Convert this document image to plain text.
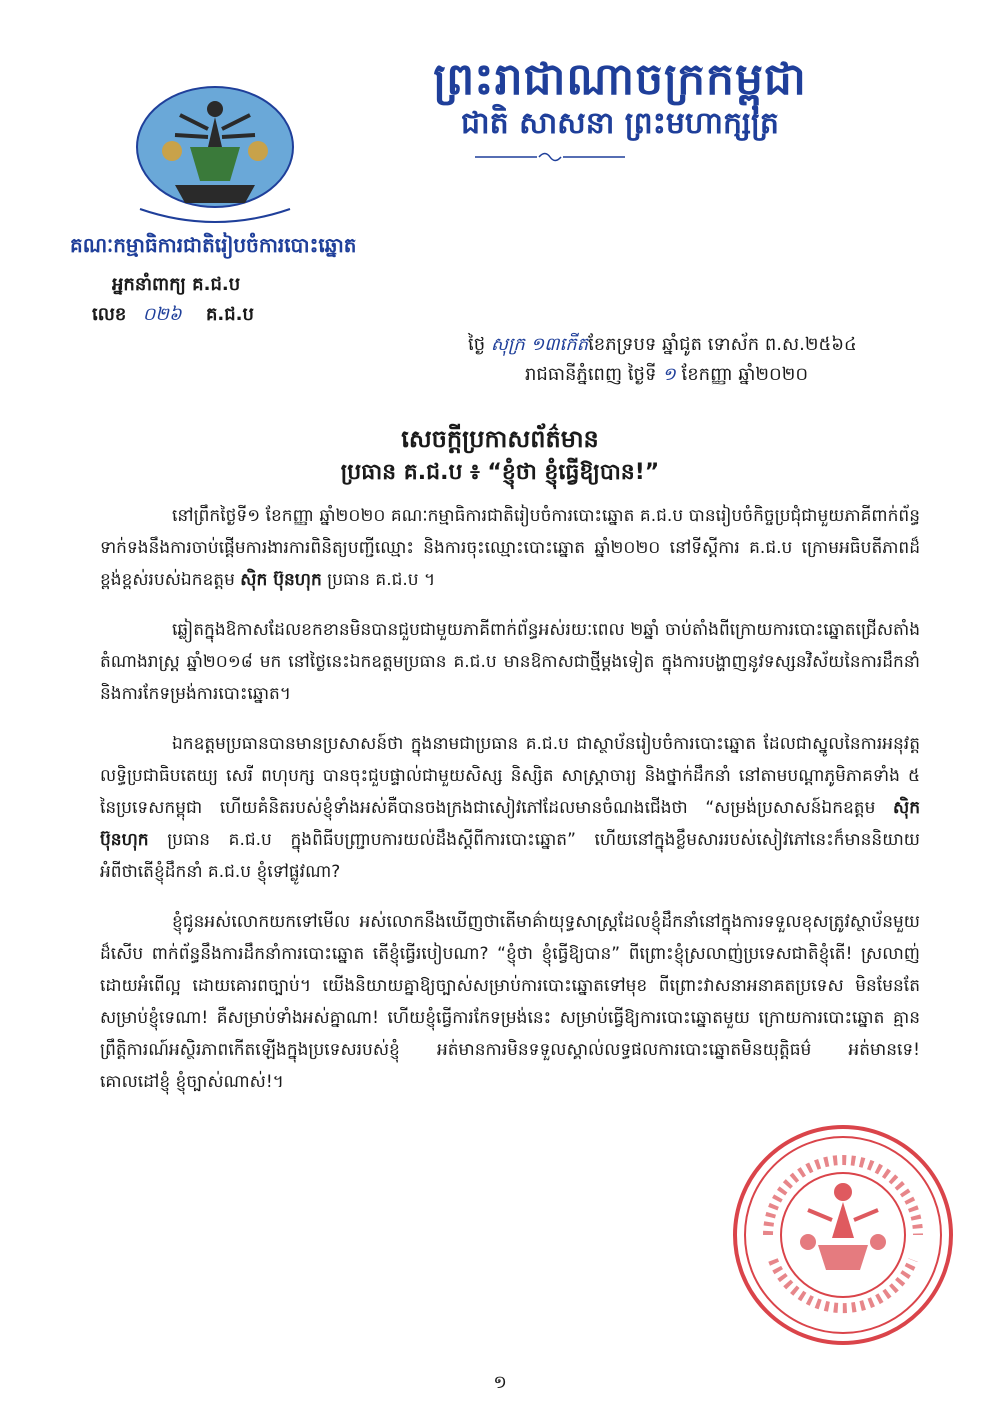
ព្រះរាជាណាចក្រកម្ពុជា
ជាតិ សាសនា ព្រះមហាក្សត្រ
គណៈកម្មាធិការជាតិរៀបចំការបោះឆ្នោត
អ្នកនាំពាក្យ គ.ជ.ប
លេខ ០២៦ គ.ជ.ប
ថ្ងៃ សុក្រ ១៣កើតខែភទ្របទ ឆ្នាំជូត ទោស័ក ព.ស.២៥៦៤
រាជធានីភ្នំពេញ ថ្ងៃទី ១ ខែកញ្ញា ឆ្នាំ២០២០
សេចក្តីប្រកាសព័ត៌មាន
ប្រធាន គ.ជ.ប ៖ “ខ្ញុំថា ខ្ញុំធ្វើឱ្យបាន!”

នៅព្រឹកថ្ងៃទី១ ខែកញ្ញា ឆ្នាំ២០២០ គណៈកម្មាធិការជាតិរៀបចំការបោះឆ្នោត គ.ជ.ប បានរៀបចំកិច្ចប្រជុំជាមួយភាគីពាក់ព័ន្ធ ទាក់ទងនឹងការចាប់ផ្តើមការងារការពិនិត្យបញ្ជីឈ្មោះ និងការចុះឈ្មោះបោះឆ្នោត ឆ្នាំ២០២០ នៅទីស្តីការ គ.ជ.ប ក្រោមអធិបតីភាពដ៏ខ្ពង់ខ្ពស់របស់ឯកឧត្តម ស៊ិក ប៊ុនហុក ប្រធាន គ.ជ.ប ។

ឆ្លៀតក្នុងឱកាសដែលខកខានមិនបានជួបជាមួយភាគីពាក់ព័ន្ធអស់រយៈពេល ២ឆ្នាំ ចាប់តាំងពីក្រោយការបោះឆ្នោតជ្រើសតាំងតំណាងរាស្ត្រ ឆ្នាំ២០១៨ មក នៅថ្ងៃនេះឯកឧត្តមប្រធាន គ.ជ.ប មានឱកាសជាថ្មីម្តងទៀត ក្នុងការបង្ហាញនូវទស្សនវិស័យនៃការដឹកនាំ និងការកែទម្រង់ការបោះឆ្នោត។

ឯកឧត្តមប្រធានបានមានប្រសាសន៍ថា ក្នុងនាមជាប្រធាន គ.ជ.ប ជាស្ថាប័នរៀបចំការបោះឆ្នោត ដែលជាស្នូលនៃការអនុវត្តលទ្ធិប្រជាធិបតេយ្យ សេរី ពហុបក្ស បានចុះជួបផ្ទាល់ជាមួយសិស្ស និស្សិត សាស្ត្រាចារ្យ និងថ្នាក់ដឹកនាំ នៅតាមបណ្តាភូមិភាគទាំង ៥ នៃប្រទេសកម្ពុជា ហើយគំនិតរបស់ខ្ញុំទាំងអស់គឺបានចងក្រងជាសៀវភៅដែលមានចំណងជើងថា “សម្រង់ប្រសាសន៍ឯកឧត្តម ស៊ិក ប៊ុនហុក ប្រធាន គ.ជ.ប ក្នុងពិធីបញ្ជ្រាបការយល់ដឹងស្តីពីការបោះឆ្នោត” ហើយនៅក្នុងខ្លឹមសាររបស់សៀវភៅនេះក៏មាននិយាយអំពីថាតើខ្ញុំដឹកនាំ គ.ជ.ប ខ្ញុំទៅផ្លូវណា?

ខ្ញុំជូនអស់លោកយកទៅមើល អស់លោកនឹងឃើញថាតើមាគ៌ាយុទ្ធសាស្ត្រដែលខ្ញុំដឹកនាំនៅក្នុងការទទួលខុសត្រូវស្ថាប័នមួយដ៏សើប ពាក់ព័ន្ធនឹងការដឹកនាំការបោះឆ្នោត តើខ្ញុំធ្វើរបៀបណា? “ខ្ញុំថា ខ្ញុំធ្វើឱ្យបាន” ពីព្រោះខ្ញុំស្រលាញ់ប្រទេសជាតិខ្ញុំតើ! ស្រលាញ់ដោយអំពើល្អ ដោយគោរពច្បាប់។ យើងនិយាយគ្នាឱ្យច្បាស់សម្រាប់ការបោះឆ្នោតទៅមុខ ពីព្រោះវាសនាអនាគតប្រទេស មិនមែនតែសម្រាប់ខ្ញុំទេណា! គឺសម្រាប់ទាំងអស់គ្នាណា! ហើយខ្ញុំធ្វើការកែទម្រង់នេះ សម្រាប់ធ្វើឱ្យការបោះឆ្នោតមួយ ក្រោយការបោះឆ្នោត គ្មានព្រឹត្តិការណ៍អស្ថិរភាពកើតឡើងក្នុងប្រទេសរបស់ខ្ញុំ អត់មានការមិនទទួលស្គាល់លទ្ធផលការបោះឆ្នោតមិនយុត្តិធម៌ អត់មានទេ! គោលដៅខ្ញុំ ខ្ញុំច្បាស់ណាស់!។

១
